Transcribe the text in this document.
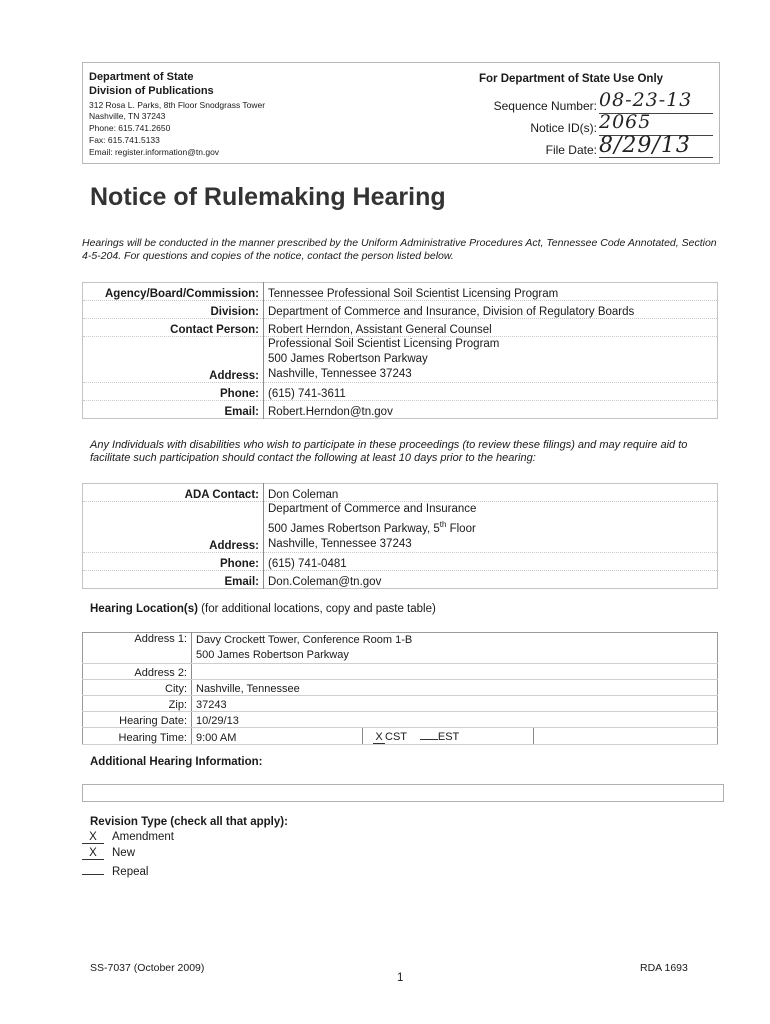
Department of State
Division of Publications
312 Rosa L. Parks, 8th Floor Snodgrass Tower
Nashville, TN 37243
Phone: 615.741.2650
Fax: 615.741.5133
Email: register.information@tn.gov
For Department of State Use Only
Sequence Number: 08-23-13
Notice ID(s): 2065
File Date: 8/29/13
Notice of Rulemaking Hearing
Hearings will be conducted in the manner prescribed by the Uniform Administrative Procedures Act, Tennessee Code Annotated, Section 4-5-204. For questions and copies of the notice, contact the person listed below.
Agency/Board/Commission:	Tennessee Professional Soil Scientist Licensing Program
Division:	Department of Commerce and Insurance, Division of Regulatory Boards
Contact Person:	Robert Herndon, Assistant General Counsel
Address:	Professional Soil Scientist Licensing Program
500 James Robertson Parkway
Nashville, Tennessee 37243

Phone:	(615) 741-3611
Email:	Robert.Herndon@tn.gov
Any Individuals with disabilities who wish to participate in these proceedings (to review these filings) and may require aid to facilitate such participation should contact the following at least 10 days prior to the hearing:
ADA Contact:	Don Coleman
Address:	Department of Commerce and Insurance
500 James Robertson Parkway, 5th Floor
Nashville, Tennessee 37243

Phone:	(615) 741-0481
Email:	Don.Coleman@tn.gov
Hearing Location(s) (for additional locations, copy and paste table)
Address 1:	Davy Crockett Tower, Conference Room 1-B
500 James Robertson Parkway		

Address 2:			
City:	Nashville, Tennessee		
Zip:	37243		
Hearing Date:	10/29/13		
Hearing Time:	9:00 AM	X CST EST	
Additional Hearing Information:
Revision Type (check all that apply):
X Amendment
X New
Repeal
SS-7037 (October 2009)
1
RDA 1693
